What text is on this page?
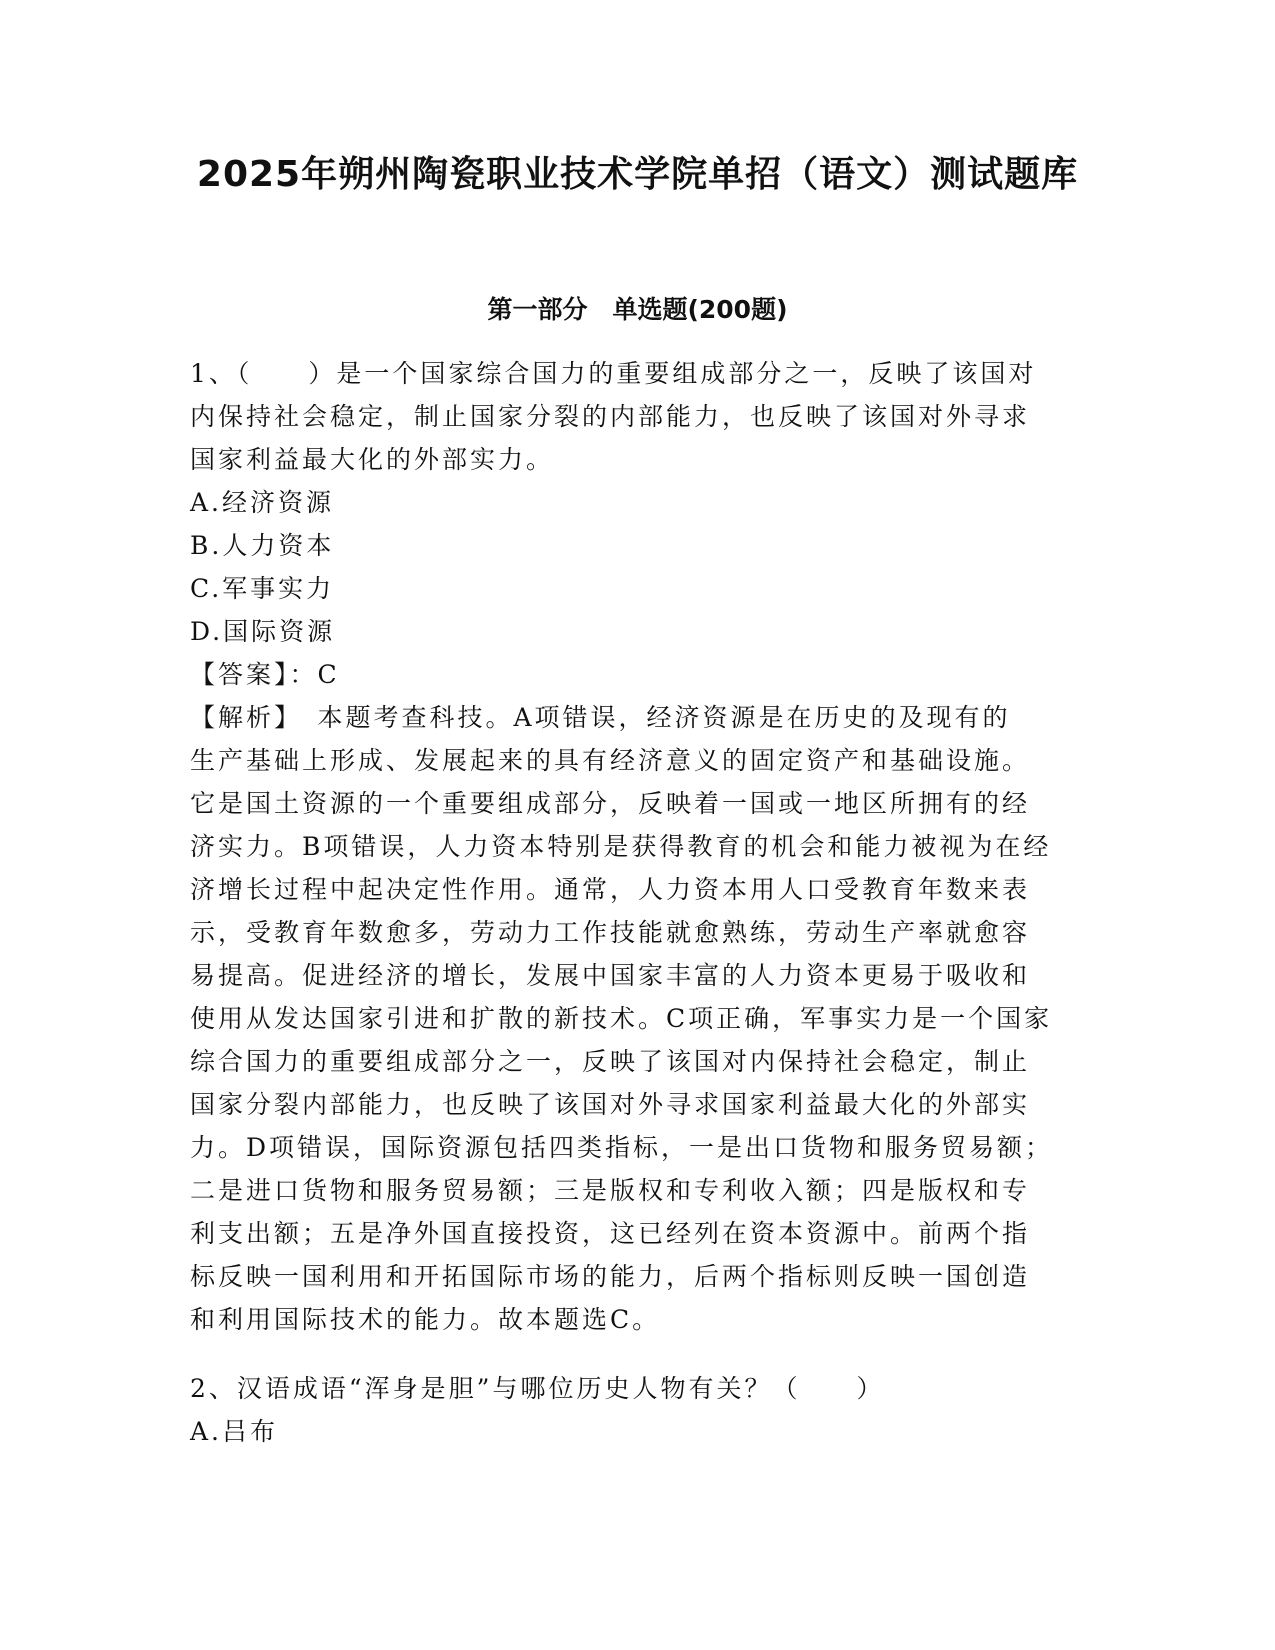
2025年朔州陶瓷职业技术学院单招（语文）测试题库
第一部分　单选题(200题)
1、（　　）是一个国家综合国力的重要组成部分之一，反映了该国对
内保持社会稳定，制止国家分裂的内部能力，也反映了该国对外寻求
国家利益最大化的外部实力。
A.经济资源
B.人力资本
C.军事实力
D.国际资源
【答案】：C
【解析】　本题考查科技。A项错误，经济资源是在历史的及现有的
生产基础上形成、发展起来的具有经济意义的固定资产和基础设施。
它是国土资源的一个重要组成部分，反映着一国或一地区所拥有的经
济实力。B项错误，人力资本特别是获得教育的机会和能力被视为在经
济增长过程中起决定性作用。通常，人力资本用人口受教育年数来表
示，受教育年数愈多，劳动力工作技能就愈熟练，劳动生产率就愈容
易提高。促进经济的增长，发展中国家丰富的人力资本更易于吸收和
使用从发达国家引进和扩散的新技术。C项正确，军事实力是一个国家
综合国力的重要组成部分之一，反映了该国对内保持社会稳定，制止
国家分裂内部能力，也反映了该国对外寻求国家利益最大化的外部实
力。D项错误，国际资源包括四类指标，一是出口货物和服务贸易额；
二是进口货物和服务贸易额；三是版权和专利收入额；四是版权和专
利支出额；五是净外国直接投资，这已经列在资本资源中。前两个指
标反映一国利用和开拓国际市场的能力，后两个指标则反映一国创造
和利用国际技术的能力。故本题选C。
2、汉语成语“浑身是胆”与哪位历史人物有关？（　　）
A.吕布
